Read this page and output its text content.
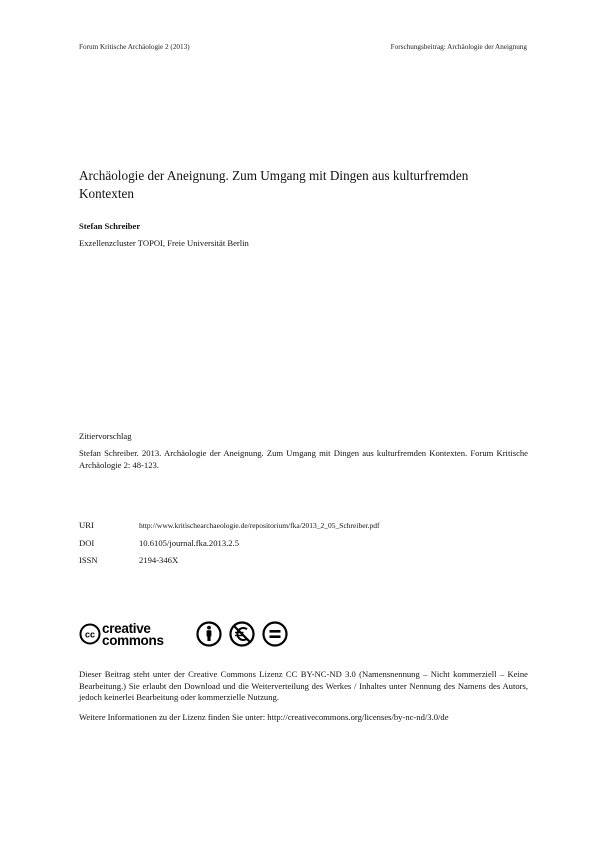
Forum Kritische Archäologie 2 (2013)	Forschungsbeitrag: Archäologie der Aneignung
Archäologie der Aneignung. Zum Umgang mit Dingen aus kulturfremden Kontexten
Stefan Schreiber
Exzellenzcluster TOPOI, Freie Universität Berlin
Zitiervorschlag

Stefan Schreiber. 2013. Archäologie der Aneignung. Zum Umgang mit Dingen aus kulturfremden Kontexten. Forum Kritische Archäologie 2: 48-123.

URI	http://www.kritischearchaeologie.de/repositorium/fka/2013_2_05_Schreiber.pdf
DOI	10.6105/journal.fka.2013.2.5
ISSN	2194-346X
cc creative
commons

Dieser Beitrag steht unter der Creative Commons Lizenz CC BY-NC-ND 3.0 (Namensnennung – Nicht kommerziell – Keine Bearbeitung.) Sie erlaubt den Download und die Weiterverteilung des Werkes / Inhaltes unter Nennung des Namens des Autors, jedoch keinerlei Bearbeitung oder kommerzielle Nutzung.

Weitere Informationen zu der Lizenz finden Sie unter: http://creativecommons.org/licenses/by-nc-nd/3.0/de
